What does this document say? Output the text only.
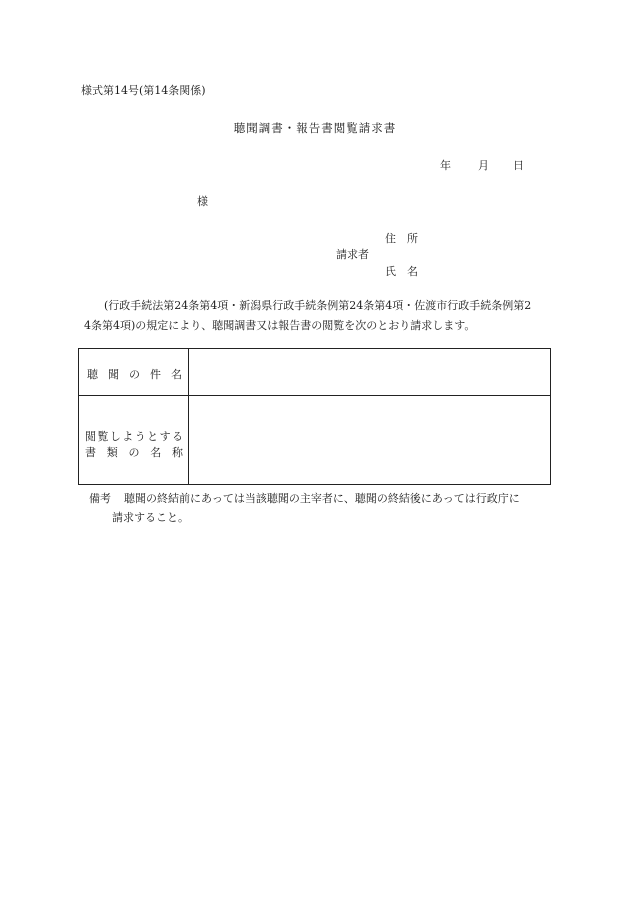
様式第14号(第14条関係)
聴聞調書・報告書閲覧請求書
年 月 日
様
住　所
請求者
氏　名
(行政手続法第24条第4項・新潟県行政手続条例第24条第4項・佐渡市行政手続条例第2
4条第4項)の規定により、聴聞調書又は報告書の閲覧を次のとおり請求します。
聴聞の件名
閲覧しようとする
書類の名称
備考 聴聞の終結前にあっては当該聴聞の主宰者に、聴聞の終結後にあっては行政庁に
請求すること。
